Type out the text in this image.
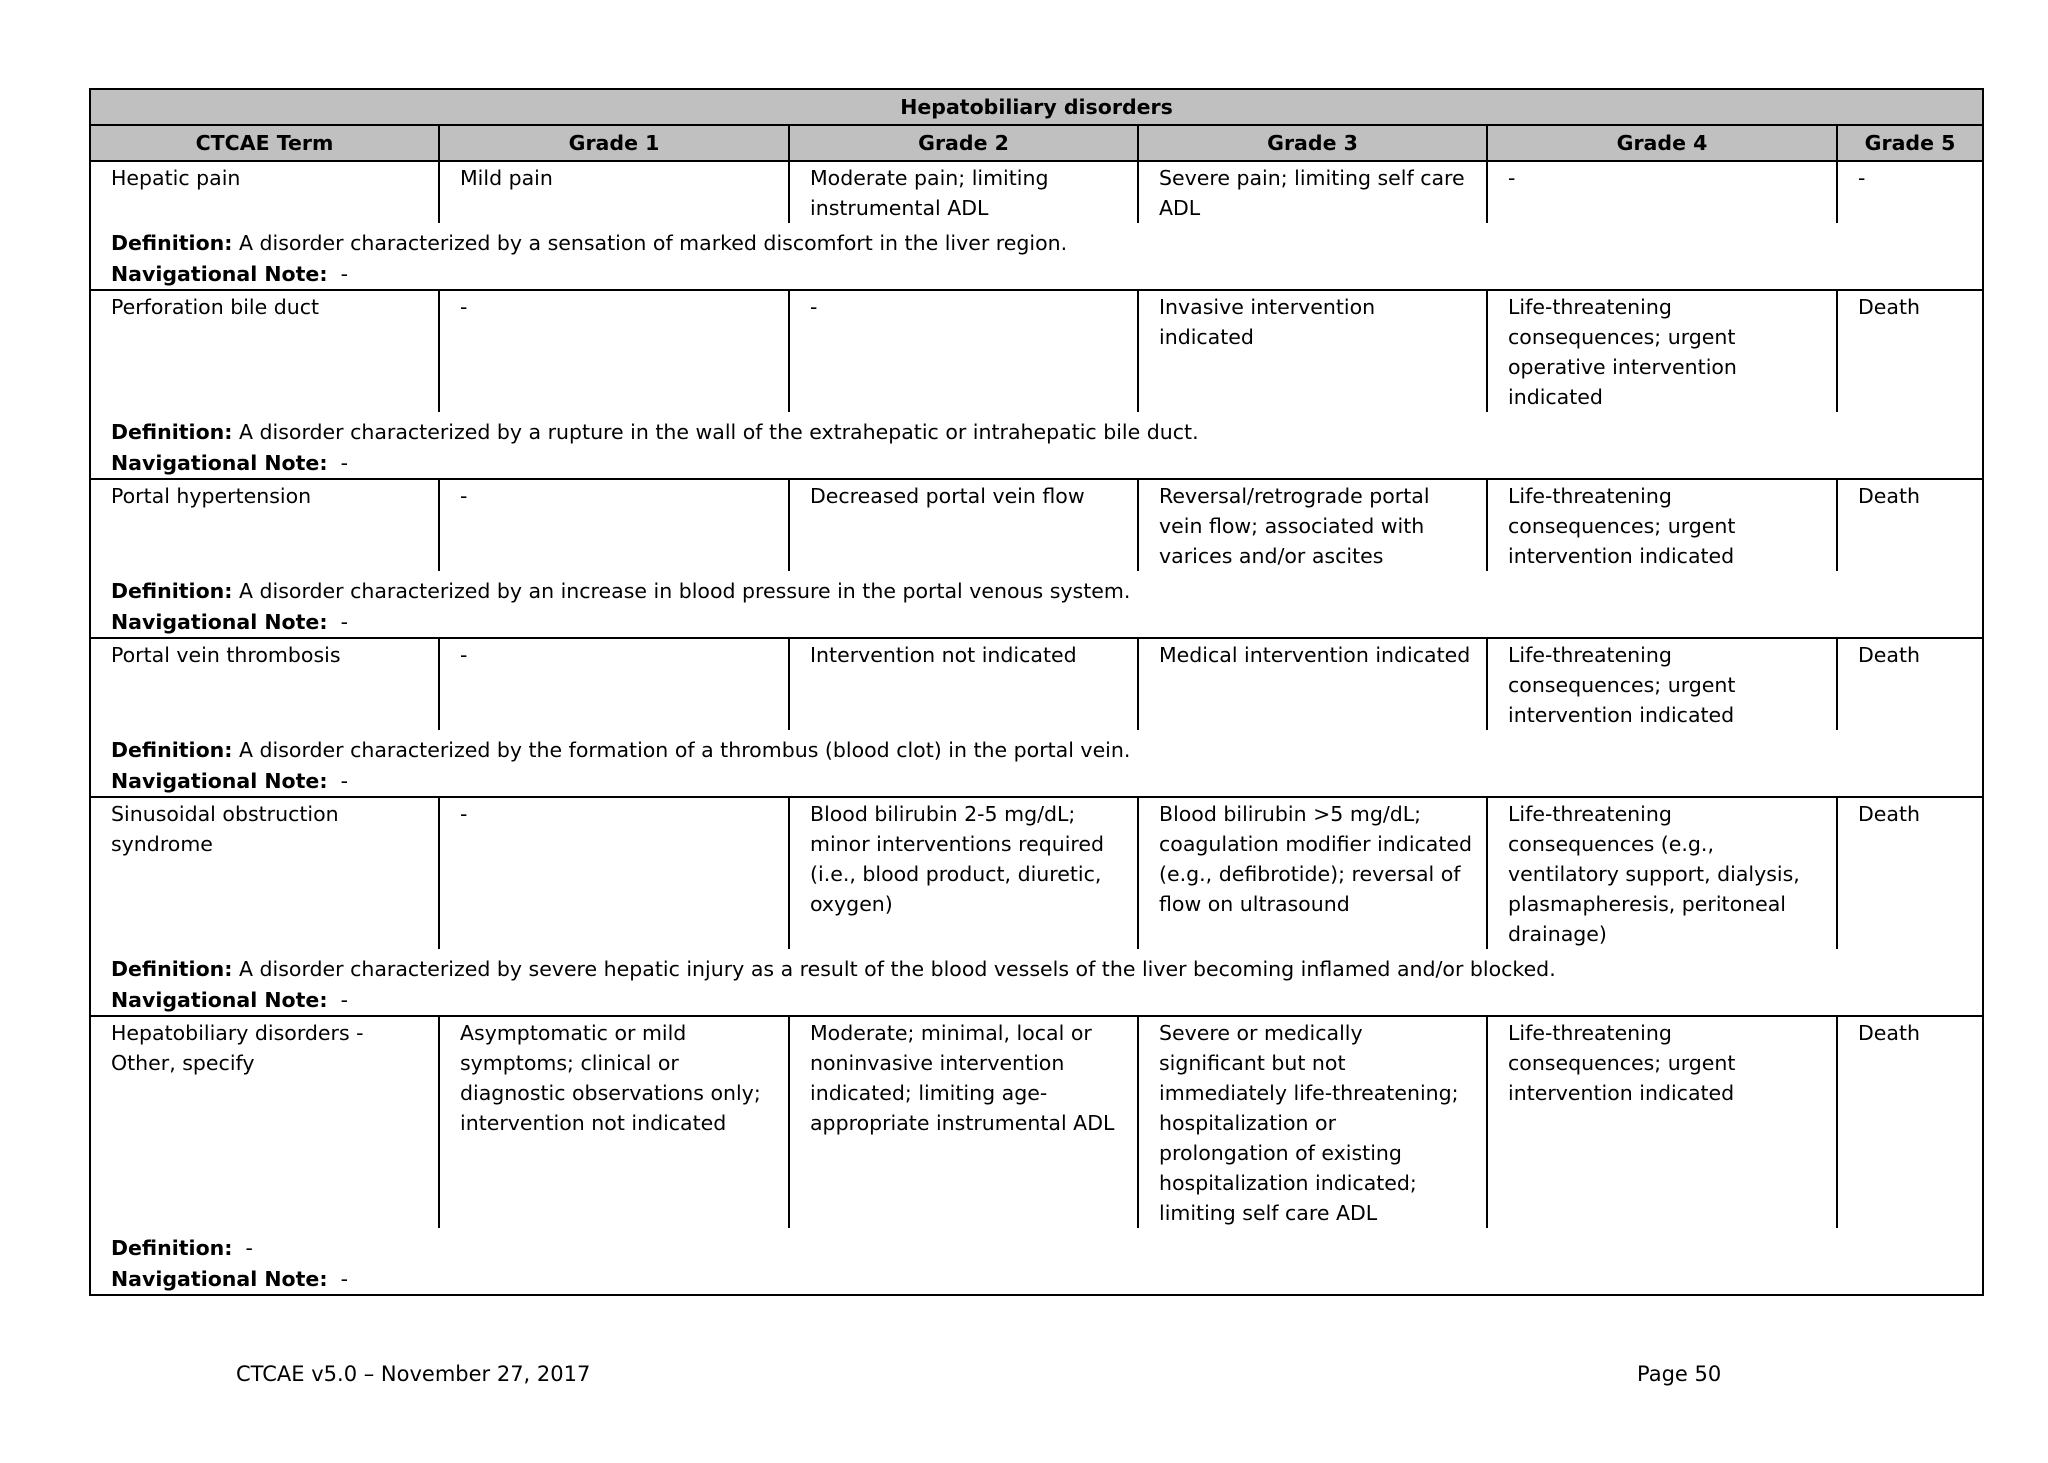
Hepatobiliary disorders					
CTCAE Term	Grade 1	Grade 2	Grade 3	Grade 4	Grade 5
Hepatic pain	Mild pain	Moderate pain; limiting instrumental ADL	Severe pain; limiting self care ADL	-	-
Definition: A disorder characterized by a sensation of marked discomfort in the liver region.					
Navigational Note: -					
Perforation bile duct	-	-	Invasive intervention indicated	Life-threatening consequences; urgent operative intervention indicated	Death
Definition: A disorder characterized by a rupture in the wall of the extrahepatic or intrahepatic bile duct.					
Navigational Note: -					
Portal hypertension	-	Decreased portal vein flow	Reversal/retrograde portal vein flow; associated with varices and/or ascites	Life-threatening consequences; urgent intervention indicated	Death
Definition: A disorder characterized by an increase in blood pressure in the portal venous system.					
Navigational Note: -					
Portal vein thrombosis	-	Intervention not indicated	Medical intervention indicated	Life-threatening consequences; urgent intervention indicated	Death
Definition: A disorder characterized by the formation of a thrombus (blood clot) in the portal vein.					
Navigational Note: -					
Sinusoidal obstruction syndrome	-	Blood bilirubin 2-5 mg/dL; minor interventions required (i.e., blood product, diuretic, oxygen)	Blood bilirubin >5 mg/dL; coagulation modifier indicated (e.g., defibrotide); reversal of flow on ultrasound	Life-threatening consequences (e.g., ventilatory support, dialysis, plasmapheresis, peritoneal drainage)	Death
Definition: A disorder characterized by severe hepatic injury as a result of the blood vessels of the liver becoming inflamed and/or blocked.					
Navigational Note: -					
Hepatobiliary disorders - Other, specify	Asymptomatic or mild symptoms; clinical or diagnostic observations only; intervention not indicated	Moderate; minimal, local or noninvasive intervention indicated; limiting age-appropriate instrumental ADL	Severe or medically significant but not immediately life-threatening; hospitalization or prolongation of existing hospitalization indicated; limiting self care ADL	Life-threatening consequences; urgent intervention indicated	Death
Definition: -					
Navigational Note: -					
CTCAE v5.0 – November 27, 2017	Page 50
